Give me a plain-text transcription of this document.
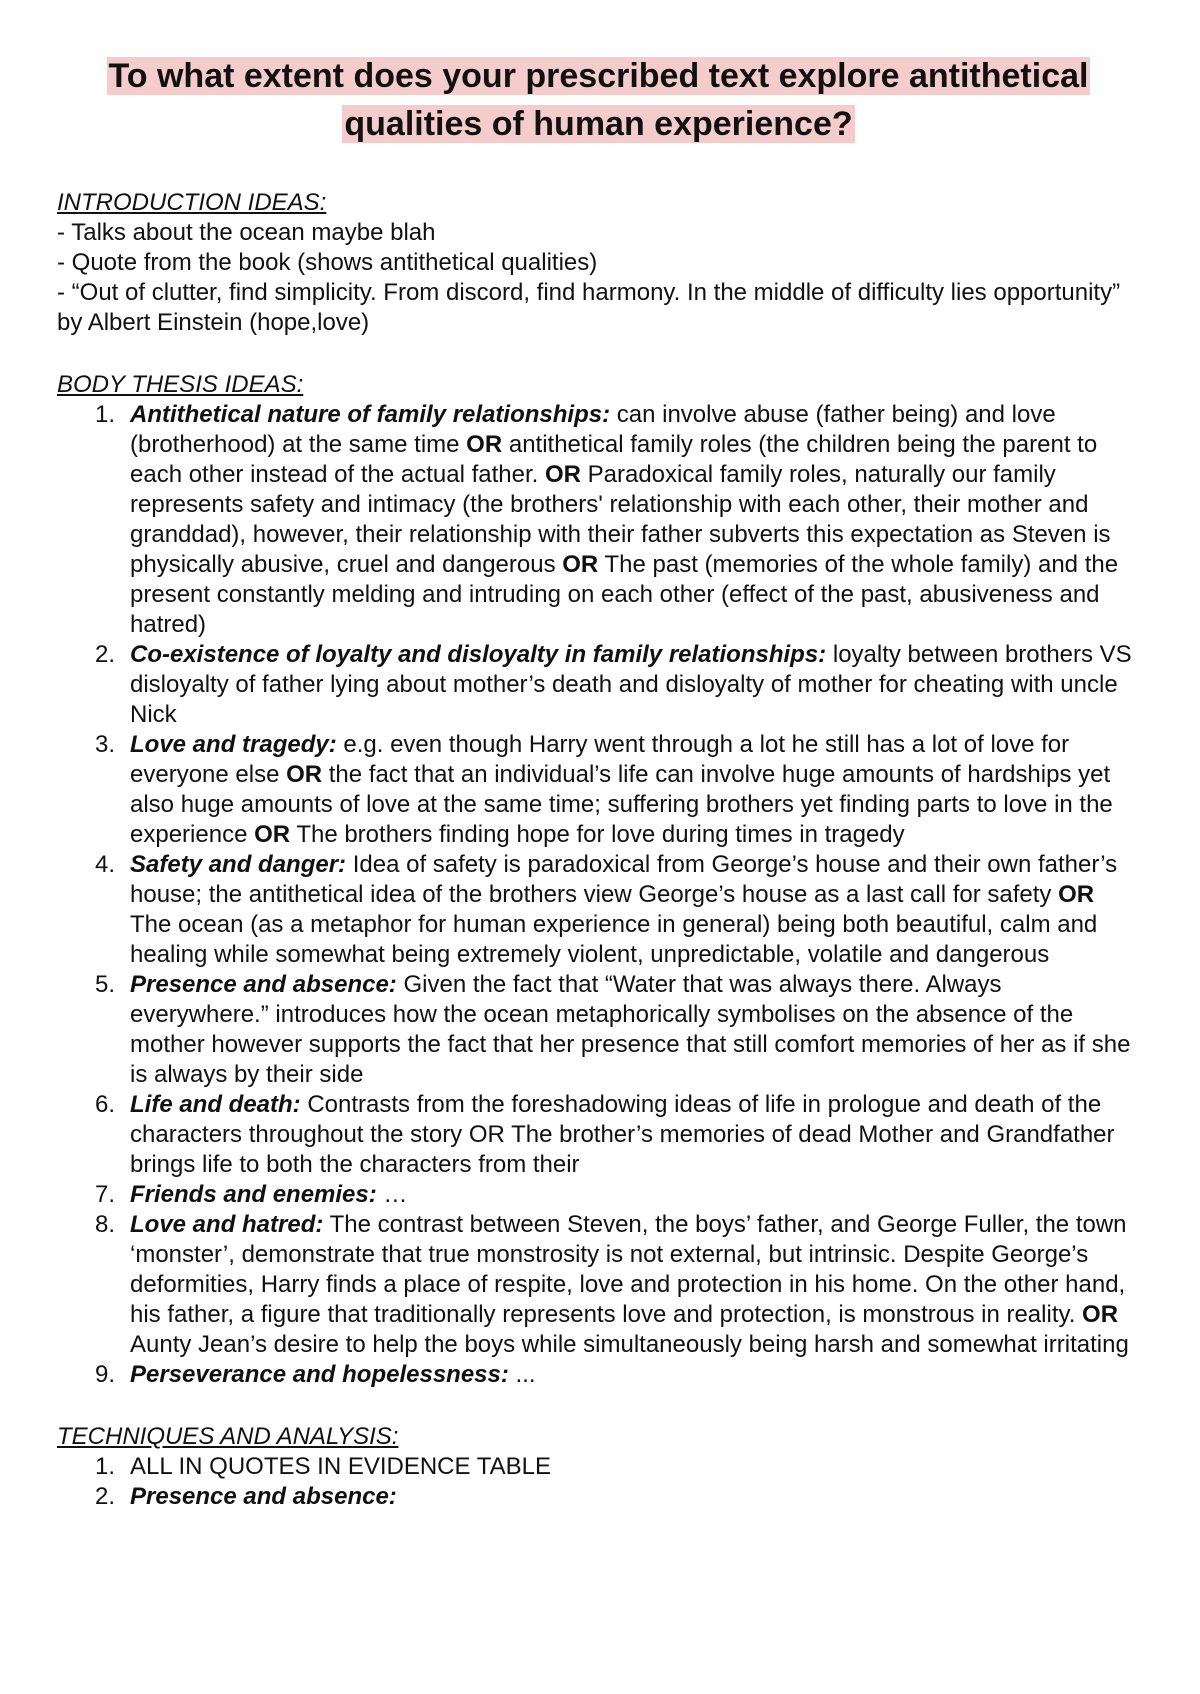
To what extent does your prescribed text explore antithetical
qualities of human experience?

INTRODUCTION IDEAS:

- Talks about the ocean maybe blah

- Quote from the book (shows antithetical qualities)

- “Out of clutter, find simplicity. From discord, find harmony. In the middle of difficulty lies opportunity” by Albert Einstein (hope,love)

BODY THESIS IDEAS:

1. Antithetical nature of family relationships: can involve abuse (father being) and love (brotherhood) at the same time OR antithetical family roles (the children being the parent to each other instead of the actual father. OR Paradoxical family roles, naturally our family represents safety and intimacy (the brothers' relationship with each other, their mother and granddad), however, their relationship with their father subverts this expectation as Steven is physically abusive, cruel and dangerous OR The past (memories of the whole family) and the present constantly melding and intruding on each other (effect of the past, abusiveness and hatred)
2. Co-existence of loyalty and disloyalty in family relationships: loyalty between brothers VS disloyalty of father lying about mother’s death and disloyalty of mother for cheating with uncle Nick
3. Love and tragedy: e.g. even though Harry went through a lot he still has a lot of love for everyone else OR the fact that an individual’s life can involve huge amounts of hardships yet also huge amounts of love at the same time; suffering brothers yet finding parts to love in the experience OR The brothers finding hope for love during times in tragedy
4. Safety and danger: Idea of safety is paradoxical from George’s house and their own father’s house; the antithetical idea of the brothers view George’s house as a last call for safety OR The ocean (as a metaphor for human experience in general) being both beautiful, calm and healing while somewhat being extremely violent, unpredictable, volatile and dangerous
5. Presence and absence: Given the fact that “Water that was always there. Always everywhere.” introduces how the ocean metaphorically symbolises on the absence of the mother however supports the fact that her presence that still comfort memories of her as if she is always by their side
6. Life and death: Contrasts from the foreshadowing ideas of life in prologue and death of the characters throughout the story OR The brother’s memories of dead Mother and Grandfather brings life to both the characters from their
7. Friends and enemies: …
8. Love and hatred: The contrast between Steven, the boys’ father, and George Fuller, the town ‘monster’, demonstrate that true monstrosity is not external, but intrinsic. Despite George’s deformities, Harry finds a place of respite, love and protection in his home. On the other hand, his father, a figure that traditionally represents love and protection, is monstrous in reality. OR Aunty Jean’s desire to help the boys while simultaneously being harsh and somewhat irritating
9. Perseverance and hopelessness: ...

TECHNIQUES AND ANALYSIS:

1. ALL IN QUOTES IN EVIDENCE TABLE
2. Presence and absence:
